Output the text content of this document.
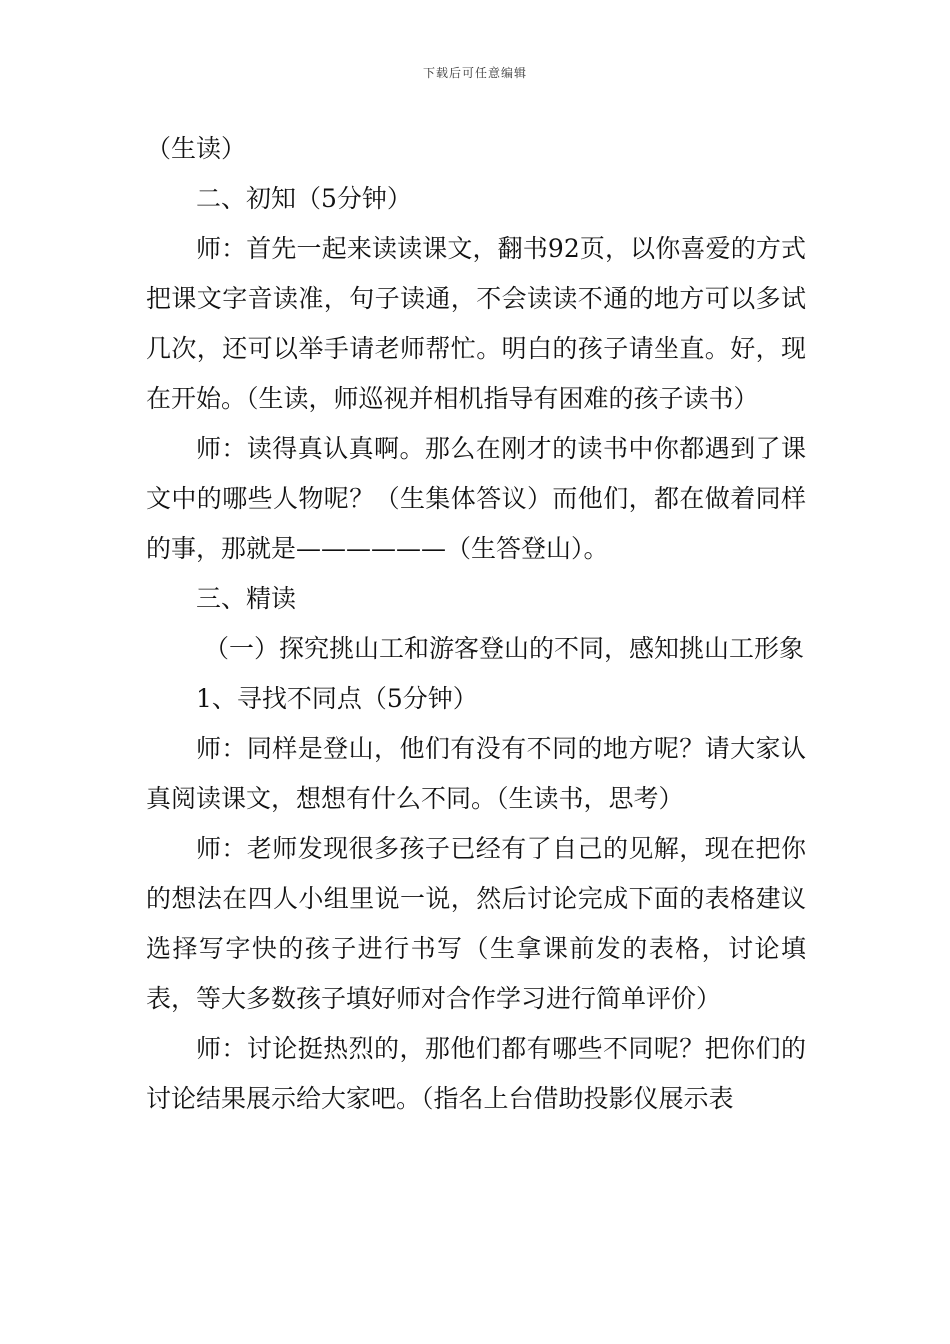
下载后可任意编辑

（生读）

二、初知（5分钟）

师：首先一起来读读课文，翻书92页，以你喜爱的方式把课文字音读准，句子读通，不会读读不通的地方可以多试几次，还可以举手请老师帮忙。明白的孩子请坐直。好，现在开始。（生读，师巡视并相机指导有困难的孩子读书）

师：读得真认真啊。那么在刚才的读书中你都遇到了课文中的哪些人物呢？（生集体答议）而他们，都在做着同样的事，那就是——————（生答登山）。

三、精读

（一）探究挑山工和游客登山的不同，感知挑山工形象

1、寻找不同点（5分钟）

师：同样是登山，他们有没有不同的地方呢？请大家认真阅读课文，想想有什么不同。（生读书，思考）

师：老师发现很多孩子已经有了自己的见解，现在把你的想法在四人小组里说一说，然后讨论完成下面的表格建议选择写字快的孩子进行书写（生拿课前发的表格，讨论填表，等大多数孩子填好师对合作学习进行简单评价）

师：讨论挺热烈的，那他们都有哪些不同呢？把你们的讨论结果展示给大家吧。（指名上台借助投影仪展示表
